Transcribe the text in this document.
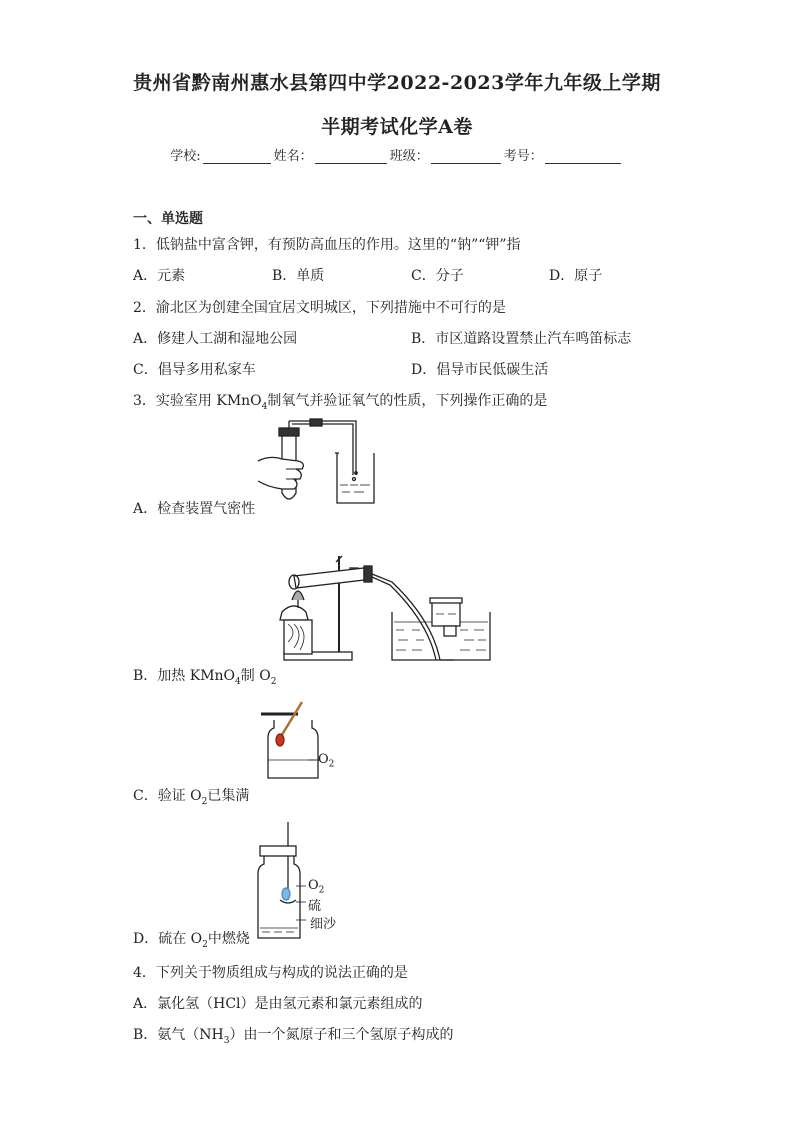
贵州省黔南州惠水县第四中学2022-2023学年九年级上学期
半期考试化学A卷
学校:	姓名：	班级：	考号：
一、单选题
1．低钠盐中富含钾，有预防高血压的作用。这里的“钠”“钾”指
A．元素	B．单质	C．分子	D．原子
2．渝北区为创建全国宜居文明城区，下列措施中不可行的是
A．修建人工湖和湿地公园	B．市区道路设置禁止汽车鸣笛标志
C．倡导多用私家车	D．倡导市民低碳生活
3．实验室用 KMnO$_4$制氧气并验证氧气的性质，下列操作正确的是
A．检查装置气密性
B．加热 KMnO$_4$制 $O_2$
$O_2$
C．验证 $O_2$已集满
$O_2$
硫
细沙
D．硫在 $O_2$中燃烧
4．下列关于物质组成与构成的说法正确的是
A．氯化氢（HCl）是由氢元素和氯元素组成的
B．氨气$(NH_3)$由一个氮原子和三个氢原子构成的
